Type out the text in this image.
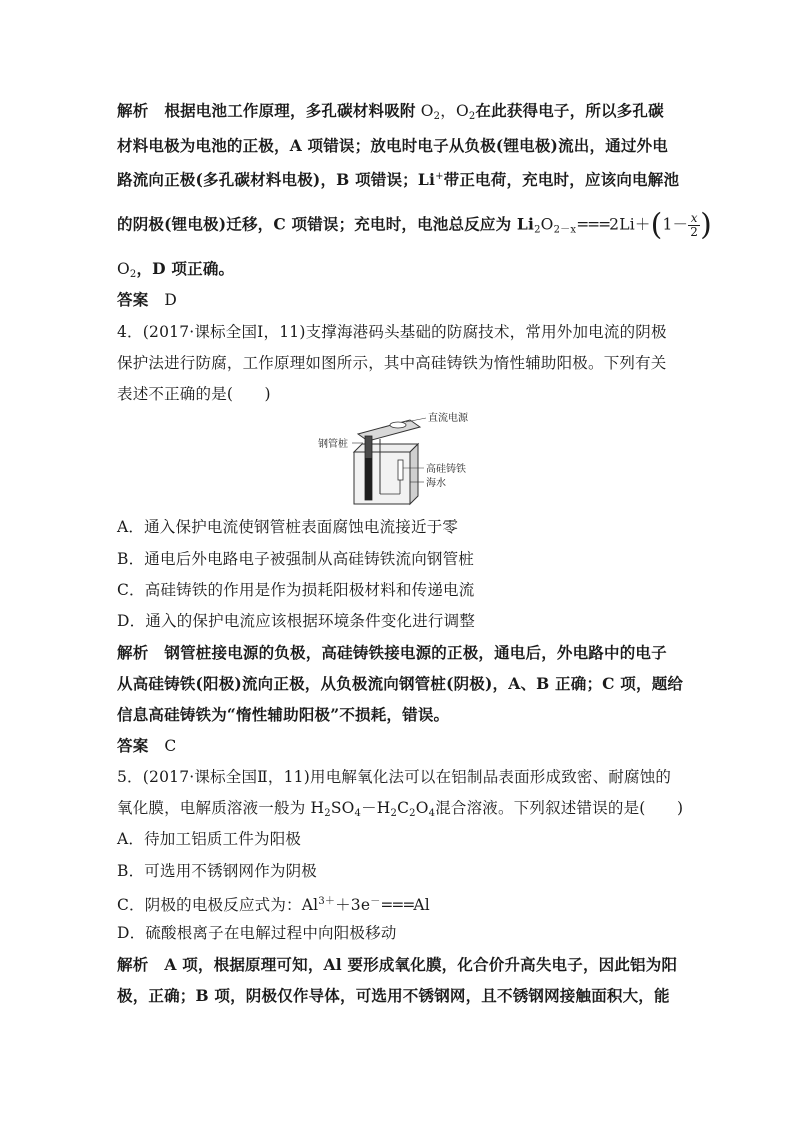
解析 根据电池工作原理，多孔碳材料吸附 $O_2$，$O_2$在此获得电子，所以多孔碳
材料电极为电池的正极，A 项错误；放电时电子从负极(锂电极)流出，通过外电
路流向正极(多孔碳材料电极)，B 项错误；Li+带正电荷，充电时，应该向电解池
的阴极(锂电极)迁移，C 项错误；充电时，电池总反应为 $Li_2O_{2-x}===2Li+(1- \frac{x}{2}$ )
$O_2$，D 项正确。
答案 D
4．(2017·课标全国Ⅰ，11)支撑海港码头基础的防腐技术，常用外加电流的阴极
保护法进行防腐，工作原理如图所示，其中高硅铸铁为惰性辅助阳极。下列有关
表述不正确的是(　　)
直流电源
钢管桩
高硅铸铁
海水
A．通入保护电流使钢管桩表面腐蚀电流接近于零
B．通电后外电路电子被强制从高硅铸铁流向钢管桩
C．高硅铸铁的作用是作为损耗阳极材料和传递电流
D．通入的保护电流应该根据环境条件变化进行调整
解析 钢管桩接电源的负极，高硅铸铁接电源的正极，通电后，外电路中的电子
从高硅铸铁(阳极)流向正极，从负极流向钢管桩(阴极)，A、B 正确；C 项，题给
信息高硅铸铁为“惰性辅助阳极”不损耗，错误。
答案 C
5．(2017·课标全国Ⅱ，11)用电解氧化法可以在铝制品表面形成致密、耐腐蚀的
氧化膜，电解质溶液一般为 $H_2SO_4-H_2C_2O_4$混合溶液。下列叙述错误的是(　　)
A．待加工铝质工件为阳极
B．可选用不锈钢网作为阴极
C．阴极的电极反应式为：$Al^{3+}+3e^-===Al$
D．硫酸根离子在电解过程中向阳极移动
解析 A 项，根据原理可知，Al 要形成氧化膜，化合价升高失电子，因此铝为阳
极，正确；B 项，阴极仅作导体，可选用不锈钢网，且不锈钢网接触面积大，能
